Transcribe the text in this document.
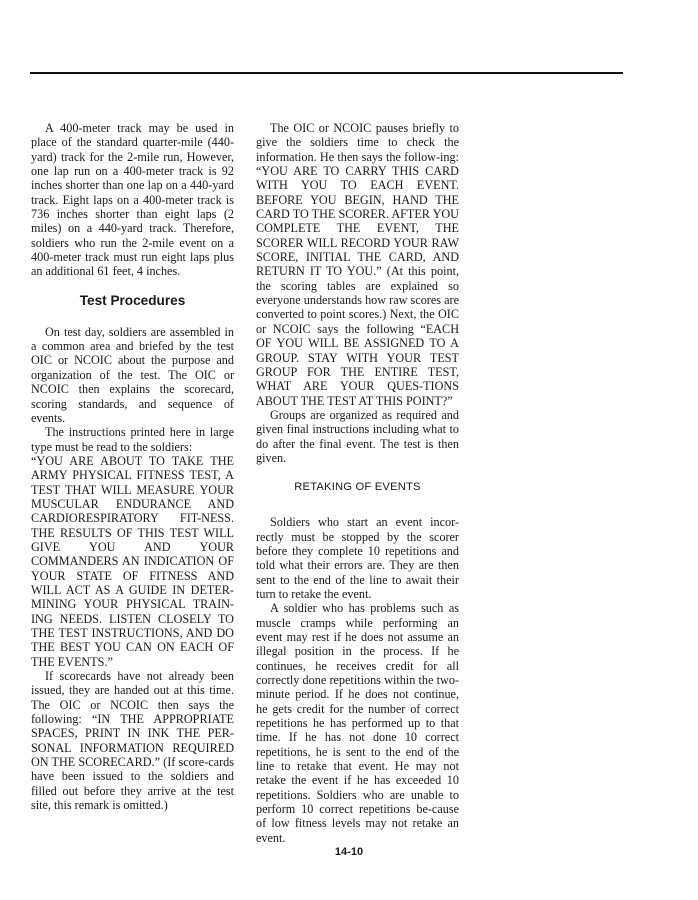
A 400-meter track may be used in place of the standard quarter-mile (440-yard) track for the 2-mile run, However, one lap run on a 400-meter track is 92 inches shorter than one lap on a 440-yard track. Eight laps on a 400-meter track is 736 inches shorter than eight laps (2 miles) on a 440-yard track. Therefore, soldiers who run the 2-mile event on a 400-meter track must run eight laps plus an additional 61 feet, 4 inches.

Test Procedures

On test day, soldiers are assembled in a common area and briefed by the test OIC or NCOIC about the purpose and organization of the test. The OIC or NCOIC then explains the scorecard, scoring standards, and sequence of events.

The instructions printed here in large type must be read to the soldiers:

“YOU ARE ABOUT TO TAKE THE ARMY PHYSICAL FITNESS TEST, A TEST THAT WILL MEASURE YOUR MUSCULAR ENDURANCE AND CARDIORESPIRATORY FIT-NESS. THE RESULTS OF THIS TEST WILL GIVE YOU AND YOUR COMMANDERS AN INDICATION OF YOUR STATE OF FITNESS AND WILL ACT AS A GUIDE IN DETER-MINING YOUR PHYSICAL TRAIN-ING NEEDS. LISTEN CLOSELY TO THE TEST INSTRUCTIONS, AND DO THE BEST YOU CAN ON EACH OF THE EVENTS.”

If scorecards have not already been issued, they are handed out at this time. The OIC or NCOIC then says the following: “IN THE APPROPRIATE SPACES, PRINT IN INK THE PER-SONAL INFORMATION REQUIRED ON THE SCORECARD.” (If score-cards have been issued to the soldiers and filled out before they arrive at the test site, this remark is omitted.)

The OIC or NCOIC pauses briefly to give the soldiers time to check the information. He then says the follow-ing: “YOU ARE TO CARRY THIS CARD WITH YOU TO EACH EVENT. BEFORE YOU BEGIN, HAND THE CARD TO THE SCORER. AFTER YOU COMPLETE THE EVENT, THE SCORER WILL RECORD YOUR RAW SCORE, INITIAL THE CARD, AND RETURN IT TO YOU.” (At this point, the scoring tables are explained so everyone understands how raw scores are converted to point scores.) Next, the OIC or NCOIC says the following “EACH OF YOU WILL BE ASSIGNED TO A GROUP. STAY WITH YOUR TEST GROUP FOR THE ENTIRE TEST, WHAT ARE YOUR QUES-TIONS ABOUT THE TEST AT THIS POINT?”

Groups are organized as required and given final instructions including what to do after the final event. The test is then given.

RETAKING OF EVENTS

Soldiers who start an event incor-rectly must be stopped by the scorer before they complete 10 repetitions and told what their errors are. They are then sent to the end of the line to await their turn to retake the event.

A soldier who has problems such as muscle cramps while performing an event may rest if he does not assume an illegal position in the process. If he continues, he receives credit for all correctly done repetitions within the two-minute period. If he does not continue, he gets credit for the number of correct repetitions he has performed up to that time. If he has not done 10 correct repetitions, he is sent to the end of the line to retake that event. He may not retake the event if he has exceeded 10 repetitions. Soldiers who are unable to perform 10 correct repetitions be-cause of low fitness levels may not retake an event.

14-10
